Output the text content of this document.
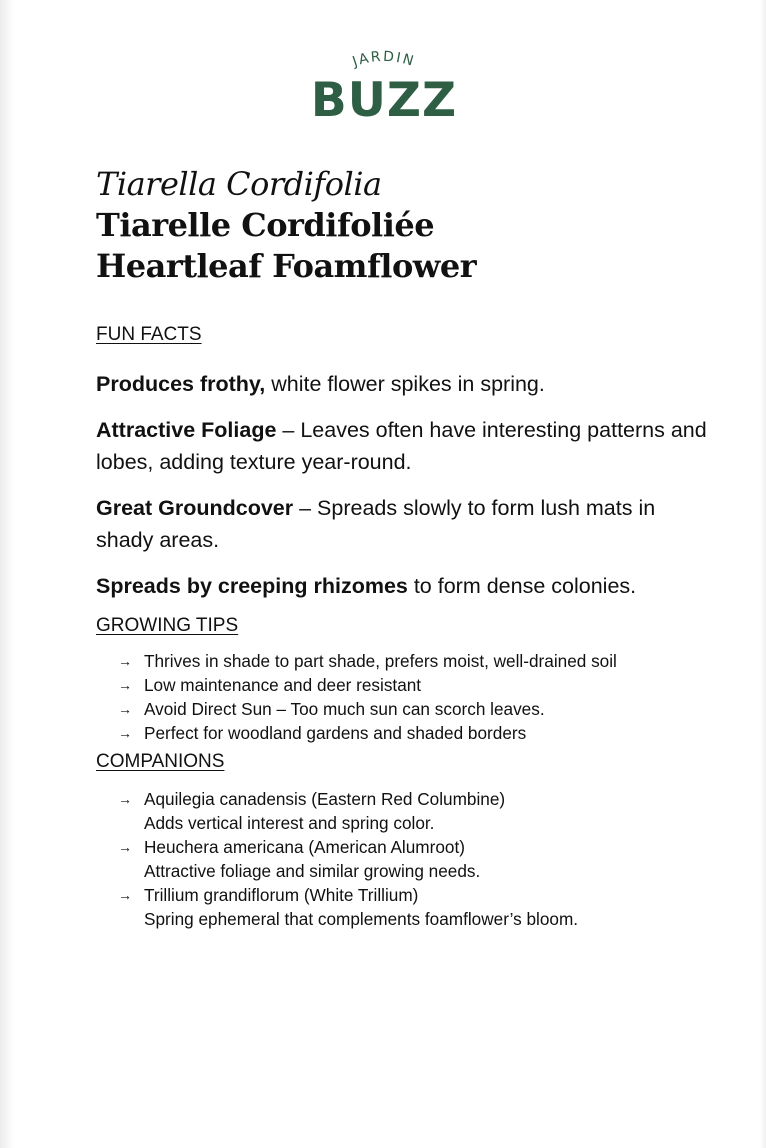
JARDIN
BUZZ
Tiarella Cordifolia
Tiarelle Cordifoliée
Heartleaf Foamflower
FUN FACTS
Produces frothy, white flower spikes in spring.
Attractive Foliage – Leaves often have interesting patterns and lobes, adding texture year-round.
Great Groundcover – Spreads slowly to form lush mats in shady areas.
Spreads by creeping rhizomes to form dense colonies.
GROWING TIPS
→ Thrives in shade to part shade, prefers moist, well-drained soil
→ Low maintenance and deer resistant
→ Avoid Direct Sun – Too much sun can scorch leaves.
→ Perfect for woodland gardens and shaded borders
COMPANIONS
→ Aquilegia canadensis (Eastern Red Columbine)
Adds vertical interest and spring color.
→ Heuchera americana (American Alumroot)
Attractive foliage and similar growing needs.
→ Trillium grandiflorum (White Trillium)
Spring ephemeral that complements foamflower’s bloom.
